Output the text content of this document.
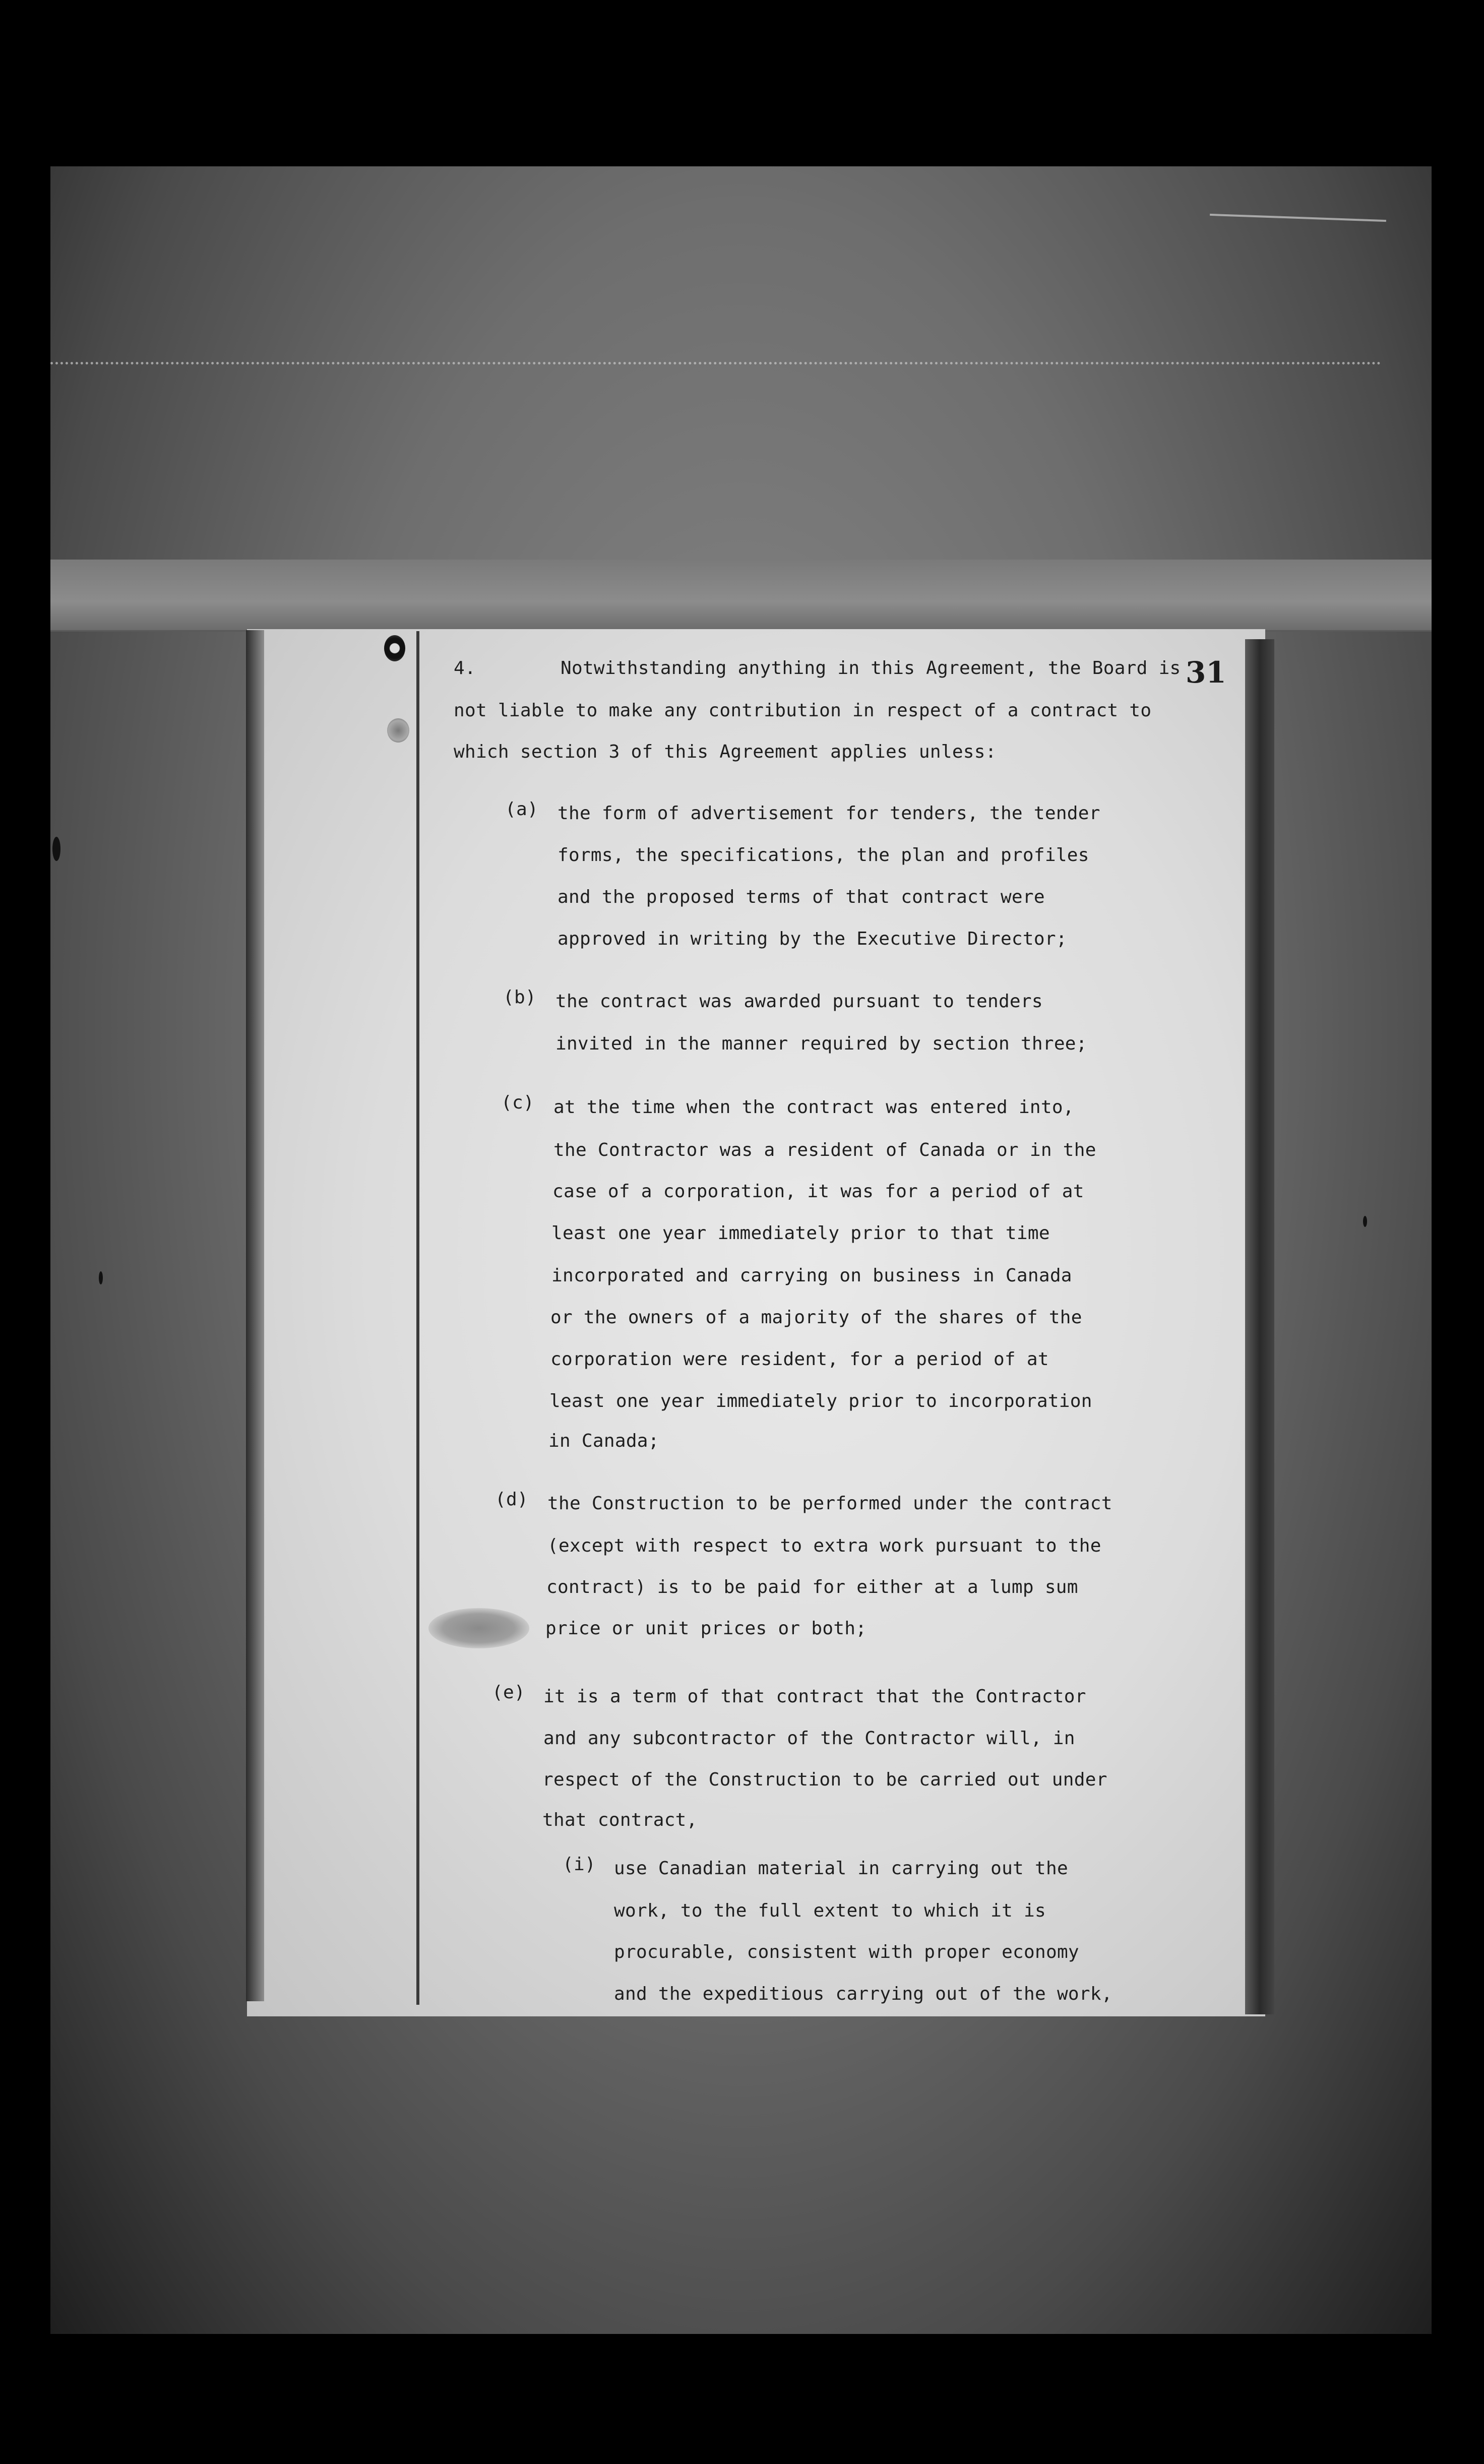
31
4.	Notwithstanding anything in this Agreement, the Board is
not liable to make any contribution in respect of a contract to
which section 3 of this Agreement applies unless:
(a) the form of advertisement for tenders, the tender
forms, the specifications, the plan and profiles
and the proposed terms of that contract were
approved in writing by the Executive Director;
(b) the contract was awarded pursuant to tenders
invited in the manner required by section three;
(c) at the time when the contract was entered into,
the Contractor was a resident of Canada or in the
case of a corporation, it was for a period of at
least one year immediately prior to that time
incorporated and carrying on business in Canada
or the owners of a majority of the shares of the
corporation were resident, for a period of at
least one year immediately prior to incorporation
in Canada;
(d) the Construction to be performed under the contract
(except with respect to extra work pursuant to the
contract) is to be paid for either at a lump sum
price or unit prices or both;
(e) it is a term of that contract that the Contractor
and any subcontractor of the Contractor will, in
respect of the Construction to be carried out under
that contract,
(i) use Canadian material in carrying out the
work, to the full extent to which it is
procurable, consistent with proper economy
and the expeditious carrying out of the work,
